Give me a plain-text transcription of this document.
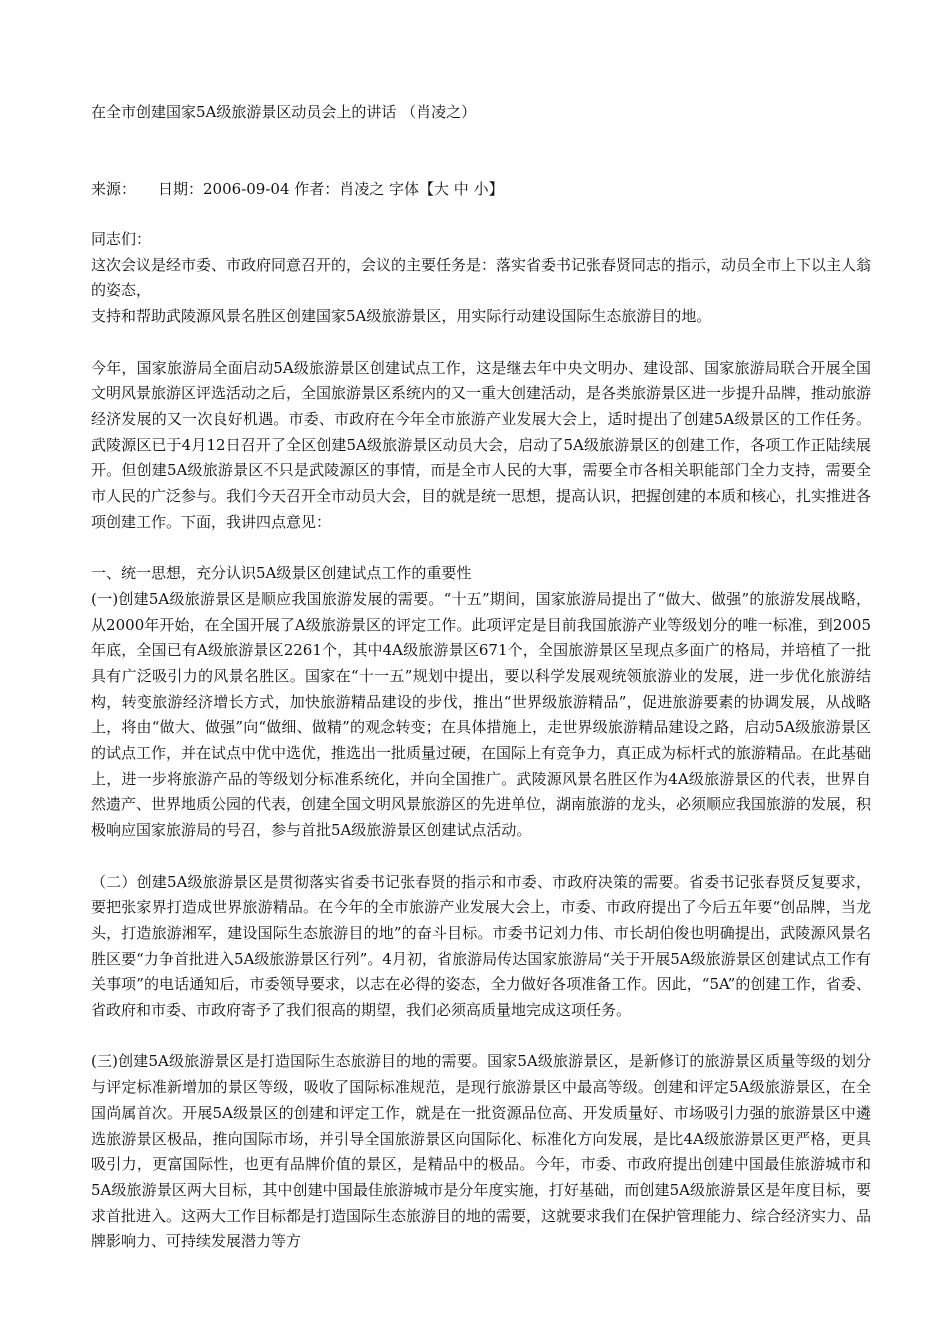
在全市创建国家5A级旅游景区动员会上的讲话 （肖凌之）
来源： 日期：2006-09-04 作者：肖凌之 字体【大 中 小】

同志们：

这次会议是经市委、市政府同意召开的，会议的主要任务是：落实省委书记张春贤同志的指示，动员全市上下以主人翁的姿态，

支持和帮助武陵源风景名胜区创建国家5A级旅游景区，用实际行动建设国际生态旅游目的地。

今年，国家旅游局全面启动5A级旅游景区创建试点工作，这是继去年中央文明办、建设部、国家旅游局联合开展全国文明风景旅游区评选活动之后，全国旅游景区系统内的又一重大创建活动，是各类旅游景区进一步提升品牌，推动旅游经济发展的又一次良好机遇。市委、市政府在今年全市旅游产业发展大会上，适时提出了创建5A级景区的工作任务。武陵源区已于4月12日召开了全区创建5A级旅游景区动员大会，启动了5A级旅游景区的创建工作，各项工作正陆续展开。但创建5A级旅游景区不只是武陵源区的事情，而是全市人民的大事，需要全市各相关职能部门全力支持，需要全市人民的广泛参与。我们今天召开全市动员大会，目的就是统一思想，提高认识，把握创建的本质和核心，扎实推进各项创建工作。下面，我讲四点意见：

一、统一思想，充分认识5A级景区创建试点工作的重要性

(一)创建5A级旅游景区是顺应我国旅游发展的需要。“十五”期间，国家旅游局提出了“做大、做强”的旅游发展战略，从2000年开始，在全国开展了A级旅游景区的评定工作。此项评定是目前我国旅游产业等级划分的唯一标准，到2005年底，全国已有A级旅游景区2261个，其中4A级旅游景区671个，全国旅游景区呈现点多面广的格局，并培植了一批具有广泛吸引力的风景名胜区。国家在“十一五”规划中提出，要以科学发展观统领旅游业的发展，进一步优化旅游结构，转变旅游经济增长方式，加快旅游精品建设的步伐，推出“世界级旅游精品”，促进旅游要素的协调发展，从战略上，将由“做大、做强”向“做细、做精”的观念转变；在具体措施上，走世界级旅游精品建设之路，启动5A级旅游景区的试点工作，并在试点中优中选优，推选出一批质量过硬，在国际上有竞争力，真正成为标杆式的旅游精品。在此基础上，进一步将旅游产品的等级划分标准系统化，并向全国推广。武陵源风景名胜区作为4A级旅游景区的代表，世界自然遗产、世界地质公园的代表，创建全国文明风景旅游区的先进单位，湖南旅游的龙头，必须顺应我国旅游的发展，积极响应国家旅游局的号召，参与首批5A级旅游景区创建试点活动。

（二）创建5A级旅游景区是贯彻落实省委书记张春贤的指示和市委、市政府决策的需要。省委书记张春贤反复要求，要把张家界打造成世界旅游精品。在今年的全市旅游产业发展大会上，市委、市政府提出了今后五年要“创品牌，当龙头，打造旅游湘军，建设国际生态旅游目的地”的奋斗目标。市委书记刘力伟、市长胡伯俊也明确提出，武陵源风景名胜区要“力争首批进入5A级旅游景区行列”。4月初，省旅游局传达国家旅游局“关于开展5A级旅游景区创建试点工作有关事项”的电话通知后，市委领导要求，以志在必得的姿态，全力做好各项准备工作。因此，“5A”的创建工作，省委、省政府和市委、市政府寄予了我们很高的期望，我们必须高质量地完成这项任务。

(三)创建5A级旅游景区是打造国际生态旅游目的地的需要。国家5A级旅游景区，是新修订的旅游景区质量等级的划分与评定标准新增加的景区等级，吸收了国际标准规范，是现行旅游景区中最高等级。创建和评定5A级旅游景区，在全国尚属首次。开展5A级景区的创建和评定工作，就是在一批资源品位高、开发质量好、市场吸引力强的旅游景区中遴选旅游景区极品，推向国际市场，并引导全国旅游景区向国际化、标准化方向发展，是比4A级旅游景区更严格，更具吸引力，更富国际性，也更有品牌价值的景区，是精品中的极品。今年，市委、市政府提出创建中国最佳旅游城市和5A级旅游景区两大目标，其中创建中国最佳旅游城市是分年度实施，打好基础，而创建5A级旅游景区是年度目标，要求首批进入。这两大工作目标都是打造国际生态旅游目的地的需要，这就要求我们在保护管理能力、综合经济实力、品牌影响力、可持续发展潜力等方
